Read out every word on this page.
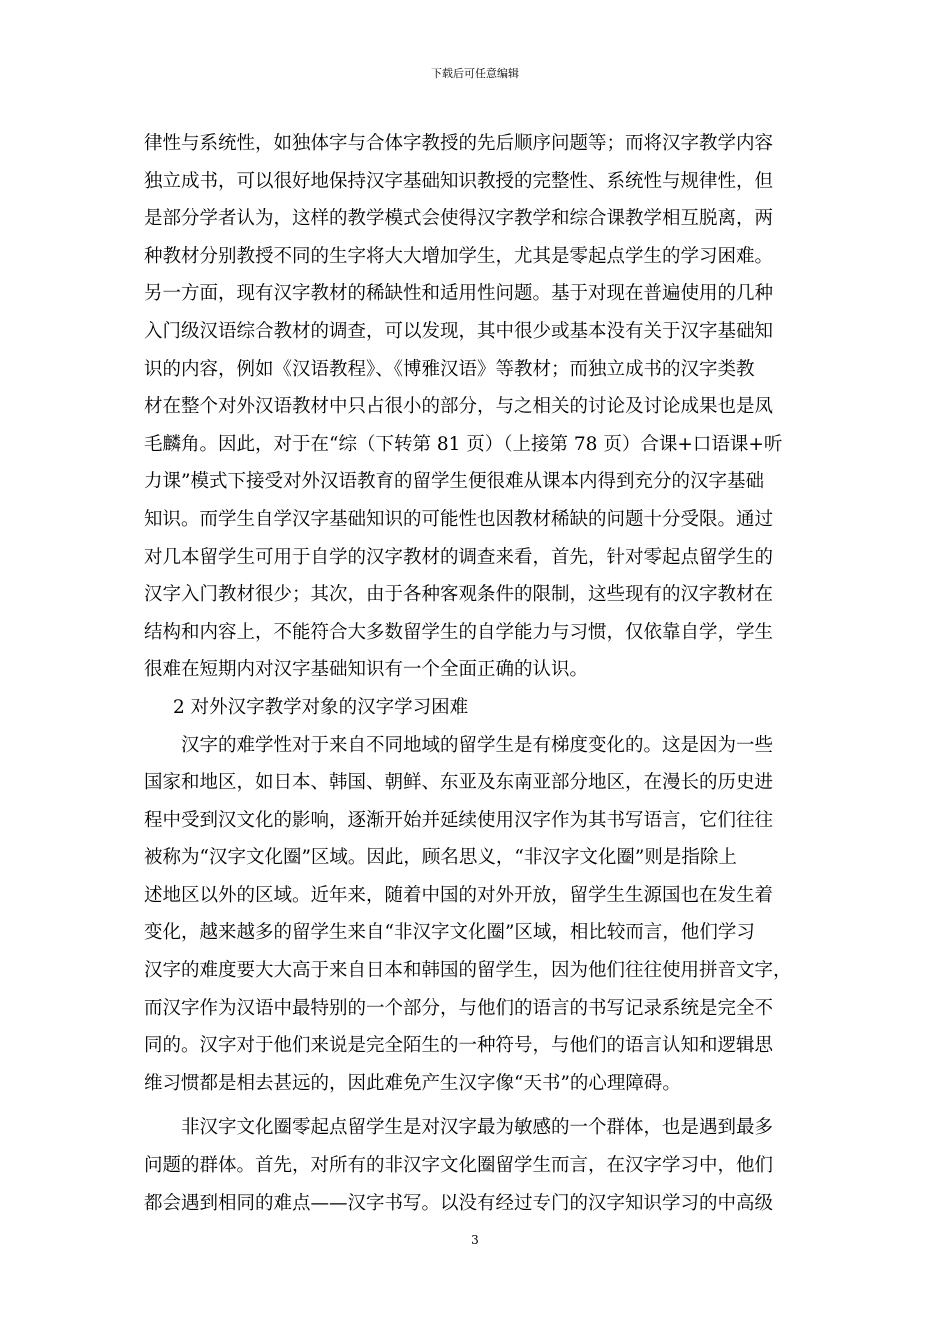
下载后可任意编辑
律性与系统性，如独体字与合体字教授的先后顺序问题等；而将汉字教学内容
独立成书，可以很好地保持汉字基础知识教授的完整性、系统性与规律性，但
是部分学者认为，这样的教学模式会使得汉字教学和综合课教学相互脱离，两
种教材分别教授不同的生字将大大增加学生，尤其是零起点学生的学习困难。
另一方面，现有汉字教材的稀缺性和适用性问题。基于对现在普遍使用的几种
入门级汉语综合教材的调查，可以发现，其中很少或基本没有关于汉字基础知
识的内容，例如《汉语教程》、《博雅汉语》等教材；而独立成书的汉字类教
材在整个对外汉语教材中只占很小的部分，与之相关的讨论及讨论成果也是凤
毛麟角。因此，对于在“综（下转第 81 页）（上接第 78 页）合课+口语课+听
力课”模式下接受对外汉语教育的留学生便很难从课本内得到充分的汉字基础
知识。而学生自学汉字基础知识的可能性也因教材稀缺的问题十分受限。通过
对几本留学生可用于自学的汉字教材的调查来看，首先，针对零起点留学生的
汉字入门教材很少；其次，由于各种客观条件的限制，这些现有的汉字教材在
结构和内容上，不能符合大多数留学生的自学能力与习惯，仅依靠自学，学生
很难在短期内对汉字基础知识有一个全面正确的认识。
2 对外汉字教学对象的汉字学习困难
汉字的难学性对于来自不同地域的留学生是有梯度变化的。这是因为一些
国家和地区，如日本、韩国、朝鲜、东亚及东南亚部分地区，在漫长的历史进
程中受到汉文化的影响，逐渐开始并延续使用汉字作为其书写语言，它们往往
被称为“汉字文化圈”区域。因此，顾名思义，“非汉字文化圈”则是指除上
述地区以外的区域。近年来，随着中国的对外开放，留学生生源国也在发生着
变化，越来越多的留学生来自“非汉字文化圈”区域，相比较而言，他们学习
汉字的难度要大大高于来自日本和韩国的留学生，因为他们往往使用拼音文字，
而汉字作为汉语中最特别的一个部分，与他们的语言的书写记录系统是完全不
同的。汉字对于他们来说是完全陌生的一种符号，与他们的语言认知和逻辑思
维习惯都是相去甚远的，因此难免产生汉字像“天书”的心理障碍。
非汉字文化圈零起点留学生是对汉字最为敏感的一个群体，也是遇到最多
问题的群体。首先，对所有的非汉字文化圈留学生而言，在汉字学习中，他们
都会遇到相同的难点——汉字书写。以没有经过专门的汉字知识学习的中高级
3
